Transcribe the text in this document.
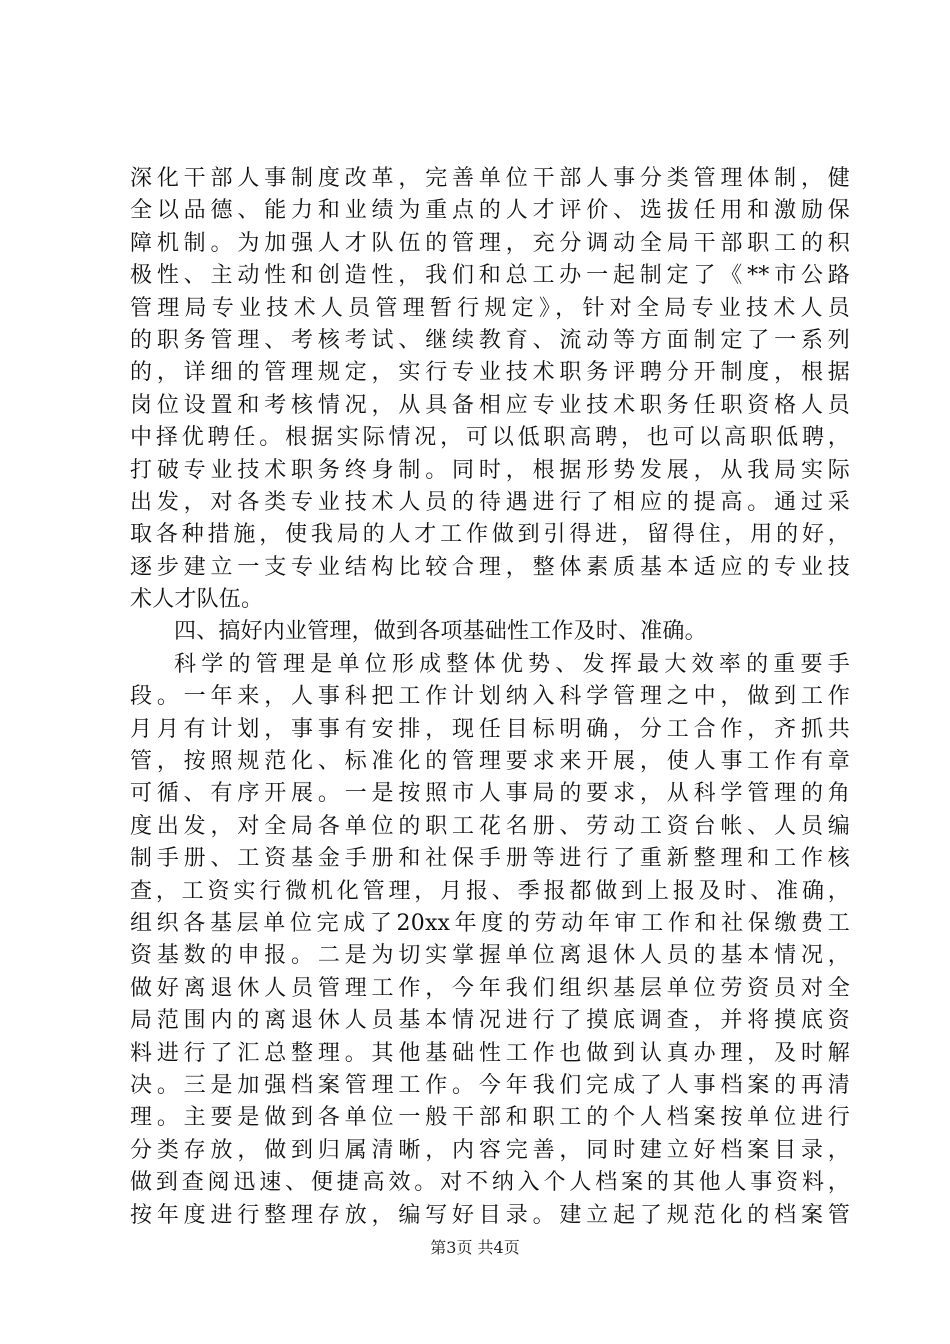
深化干部人事制度改革，完善单位干部人事分类管理体制，健
全以品德、能力和业绩为重点的人才评价、选拔任用和激励保
障机制。为加强人才队伍的管理，充分调动全局干部职工的积
极性、主动性和创造性，我们和总工办一起制定了《**市公路
管理局专业技术人员管理暂行规定》，针对全局专业技术人员
的职务管理、考核考试、继续教育、流动等方面制定了一系列
的，详细的管理规定，实行专业技术职务评聘分开制度，根据
岗位设置和考核情况，从具备相应专业技术职务任职资格人员
中择优聘任。根据实际情况，可以低职高聘，也可以高职低聘，
打破专业技术职务终身制。同时，根据形势发展，从我局实际
出发，对各类专业技术人员的待遇进行了相应的提高。通过采
取各种措施，使我局的人才工作做到引得进，留得住，用的好，
逐步建立一支专业结构比较合理，整体素质基本适应的专业技
术人才队伍。
四、搞好内业管理，做到各项基础性工作及时、准确。
科学的管理是单位形成整体优势、发挥最大效率的重要手
段。一年来，人事科把工作计划纳入科学管理之中，做到工作
月月有计划，事事有安排，现任目标明确，分工合作，齐抓共
管，按照规范化、标准化的管理要求来开展，使人事工作有章
可循、有序开展。一是按照市人事局的要求，从科学管理的角
度出发，对全局各单位的职工花名册、劳动工资台帐、人员编
制手册、工资基金手册和社保手册等进行了重新整理和工作核
查，工资实行微机化管理，月报、季报都做到上报及时、准确，
组织各基层单位完成了20xx年度的劳动年审工作和社保缴费工
资基数的申报。二是为切实掌握单位离退休人员的基本情况，
做好离退休人员管理工作，今年我们组织基层单位劳资员对全
局范围内的离退休人员基本情况进行了摸底调查，并将摸底资
料进行了汇总整理。其他基础性工作也做到认真办理，及时解
决。三是加强档案管理工作。今年我们完成了人事档案的再清
理。主要是做到各单位一般干部和职工的个人档案按单位进行
分类存放，做到归属清晰，内容完善，同时建立好档案目录，
做到查阅迅速、便捷高效。对不纳入个人档案的其他人事资料，
按年度进行整理存放，编写好目录。建立起了规范化的档案管
第3页 共4页
